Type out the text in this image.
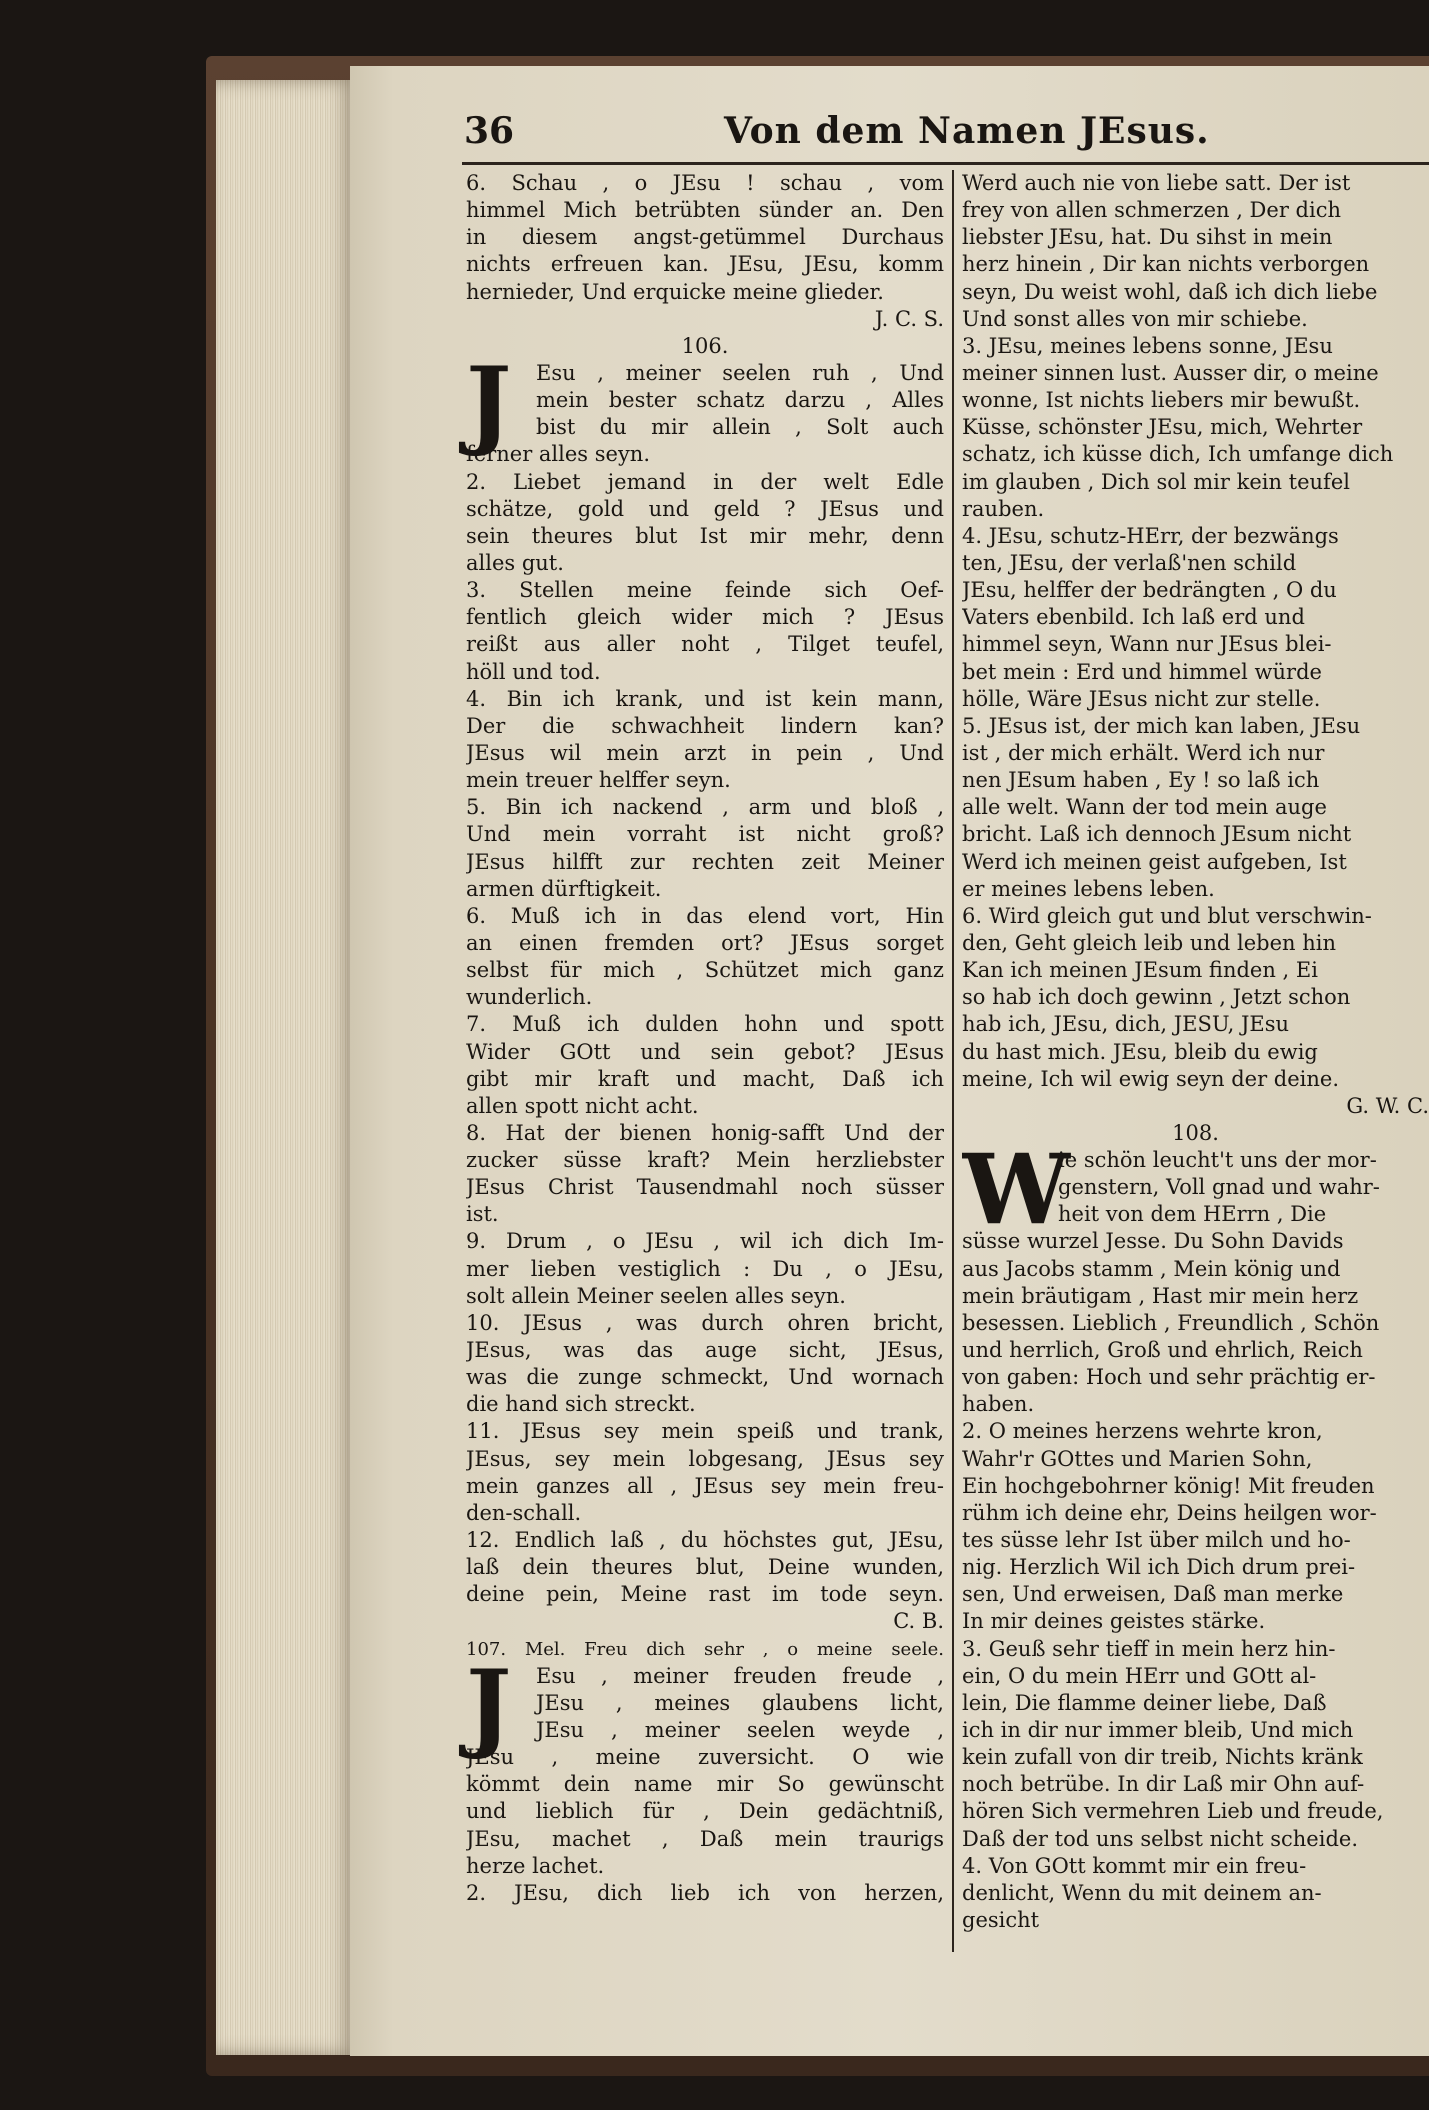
36	Von dem Namen JEsus.
6. Schau , o JEsu ! schau , vom
himmel Mich betrübten sünder an. Den
in diesem angst-getümmel Durchaus
nichts erfreuen kan. JEsu, JEsu, komm
hernieder, Und erquicke meine glieder.
J. C. S.
106.
J	Esu , meiner seelen ruh , Und
mein bester schatz darzu , Alles
bist du mir allein , Solt auch
ferner alles seyn.
2. Liebet jemand in der welt Edle
schätze, gold und geld ? JEsus und
sein theures blut Ist mir mehr, denn
alles gut.
3. Stellen meine feinde sich Oef-
fentlich gleich wider mich ? JEsus
reißt aus aller noht , Tilget teufel,
höll und tod.
4. Bin ich krank, und ist kein mann,
Der die schwachheit lindern kan?
JEsus wil mein arzt in pein , Und
mein treuer helffer seyn.
5. Bin ich nackend , arm und bloß ,
Und mein vorraht ist nicht groß?
JEsus hilfft zur rechten zeit Meiner
armen dürftigkeit.
6. Muß ich in das elend vort, Hin
an einen fremden ort? JEsus sorget
selbst für mich , Schützet mich ganz
wunderlich.
7. Muß ich dulden hohn und spott
Wider GOtt und sein gebot? JEsus
gibt mir kraft und macht, Daß ich
allen spott nicht acht.
8. Hat der bienen honig-safft Und der
zucker süsse kraft? Mein herzliebster
JEsus Christ Tausendmahl noch süsser
ist.
9. Drum , o JEsu , wil ich dich Im-
mer lieben vestiglich : Du , o JEsu,
solt allein Meiner seelen alles seyn.
10. JEsus , was durch ohren bricht,
JEsus, was das auge sicht, JEsus,
was die zunge schmeckt, Und wornach
die hand sich streckt.
11. JEsus sey mein speiß und trank,
JEsus, sey mein lobgesang, JEsus sey
mein ganzes all , JEsus sey mein freu-
den-schall.
12. Endlich laß , du höchstes gut, JEsu,
laß dein theures blut, Deine wunden,
deine pein, Meine rast im tode seyn.
C. B.
107. Mel. Freu dich sehr , o meine seele.
J	Esu , meiner freuden freude ,
JEsu , meines glaubens licht,
JEsu , meiner seelen weyde ,
JEsu , meine zuversicht. O wie
kömmt dein name mir So gewünscht
und lieblich für , Dein gedächtniß,
JEsu, machet , Daß mein traurigs
herze lachet.
2. JEsu, dich lieb ich von herzen,
Werd auch nie von liebe satt. Der ist
frey von allen schmerzen , Der dich
liebster JEsu, hat. Du sihst in mein
herz hinein , Dir kan nichts verborgen
seyn, Du weist wohl, daß ich dich liebe
Und sonst alles von mir schiebe.
3. JEsu, meines lebens sonne, JEsu
meiner sinnen lust. Ausser dir, o meine
wonne, Ist nichts liebers mir bewußt.
Küsse, schönster JEsu, mich, Wehrter
schatz, ich küsse dich, Ich umfange dich
im glauben , Dich sol mir kein teufel
rauben.
4. JEsu, schutz-HErr, der bezwängs
ten, JEsu, der verlaß'nen schild
JEsu, helffer der bedrängten , O du
Vaters ebenbild. Ich laß erd und
himmel seyn, Wann nur JEsus blei-
bet mein : Erd und himmel würde
hölle, Wäre JEsus nicht zur stelle.
5. JEsus ist, der mich kan laben, JEsu
ist , der mich erhält. Werd ich nur
nen JEsum haben , Ey ! so laß ich
alle welt. Wann der tod mein auge
bricht. Laß ich dennoch JEsum nicht
Werd ich meinen geist aufgeben, Ist
er meines lebens leben.
6. Wird gleich gut und blut verschwin-
den, Geht gleich leib und leben hin
Kan ich meinen JEsum finden , Ei
so hab ich doch gewinn , Jetzt schon
hab ich, JEsu, dich, JESU, JEsu
du hast mich. JEsu, bleib du ewig
meine, Ich wil ewig seyn der deine.
G. W. C.
108.
W
ie schön leucht't uns der mor-
genstern, Voll gnad und wahr-
heit von dem HErrn , Die
süsse wurzel Jesse. Du Sohn Davids
aus Jacobs stamm , Mein könig und
mein bräutigam , Hast mir mein herz
besessen. Lieblich , Freundlich , Schön
und herrlich, Groß und ehrlich, Reich
von gaben: Hoch und sehr prächtig er-
haben.
2. O meines herzens wehrte kron,
Wahr'r GOttes und Marien Sohn,
Ein hochgebohrner könig! Mit freuden
rühm ich deine ehr, Deins heilgen wor-
tes süsse lehr Ist über milch und ho-
nig. Herzlich Wil ich Dich drum prei-
sen, Und erweisen, Daß man merke
In mir deines geistes stärke.
3. Geuß sehr tieff in mein herz hin-
ein, O du mein HErr und GOtt al-
lein, Die flamme deiner liebe, Daß
ich in dir nur immer bleib, Und mich
kein zufall von dir treib, Nichts kränk
noch betrübe. In dir Laß mir Ohn auf-
hören Sich vermehren Lieb und freude,
Daß der tod uns selbst nicht scheide.
4. Von GOtt kommt mir ein freu-
denlicht, Wenn du mit deinem an-
gesicht
